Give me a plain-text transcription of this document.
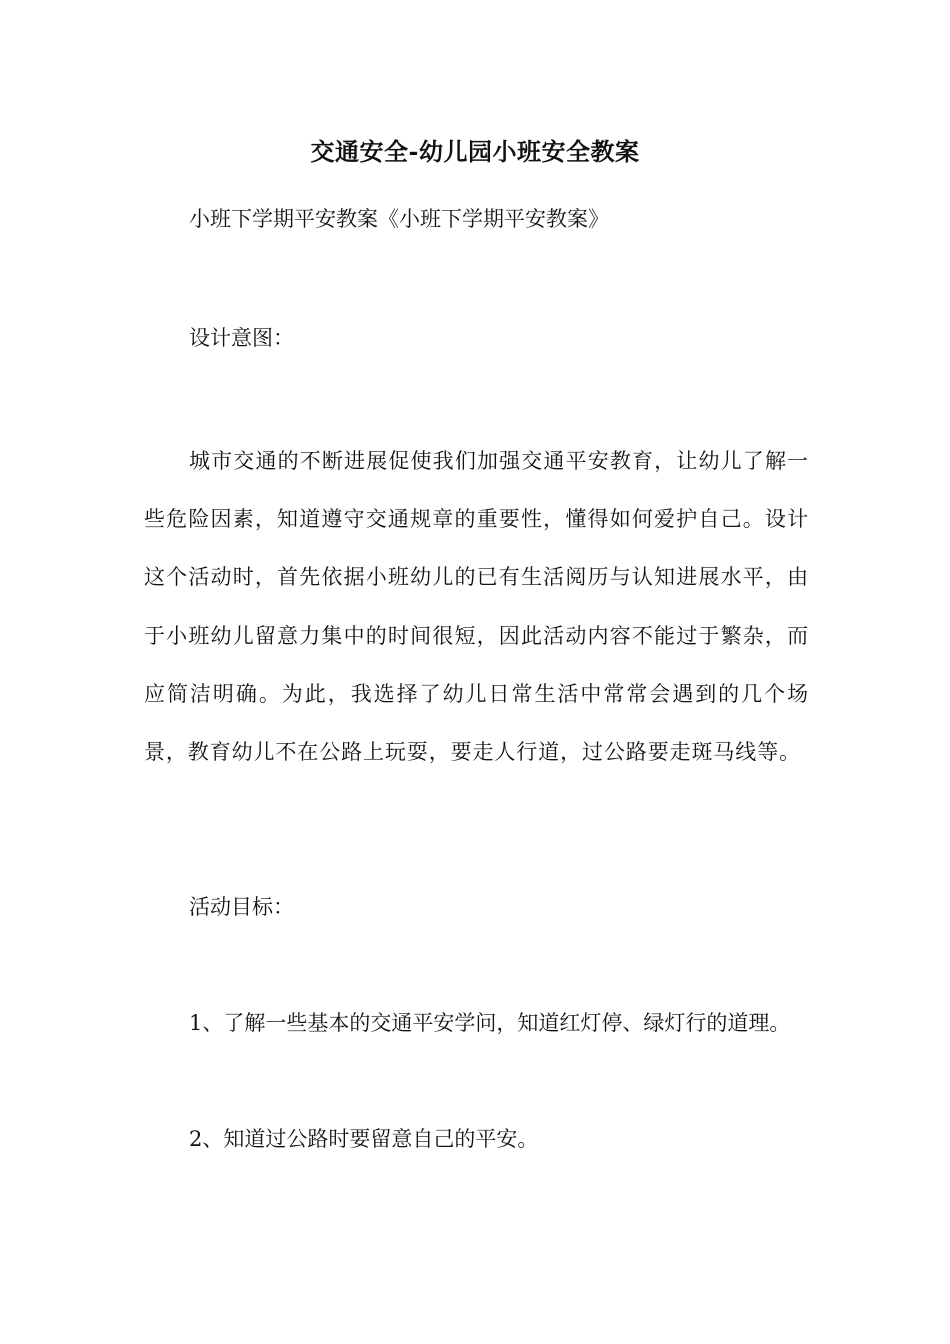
交通安全-幼儿园小班安全教案
小班下学期平安教案《小班下学期平安教案》
设计意图：
城市交通的不断进展促使我们加强交通平安教育，让幼儿了解一些危险因素，知道遵守交通规章的重要性，懂得如何爱护自己。设计这个活动时，首先依据小班幼儿的已有生活阅历与认知进展水平，由于小班幼儿留意力集中的时间很短，因此活动内容不能过于繁杂，而应简洁明确。为此，我选择了幼儿日常生活中常常会遇到的几个场景，教育幼儿不在公路上玩耍，要走人行道，过公路要走斑马线等。
活动目标：
1、了解一些基本的交通平安学问，知道红灯停、绿灯行的道理。
2、知道过公路时要留意自己的平安。
